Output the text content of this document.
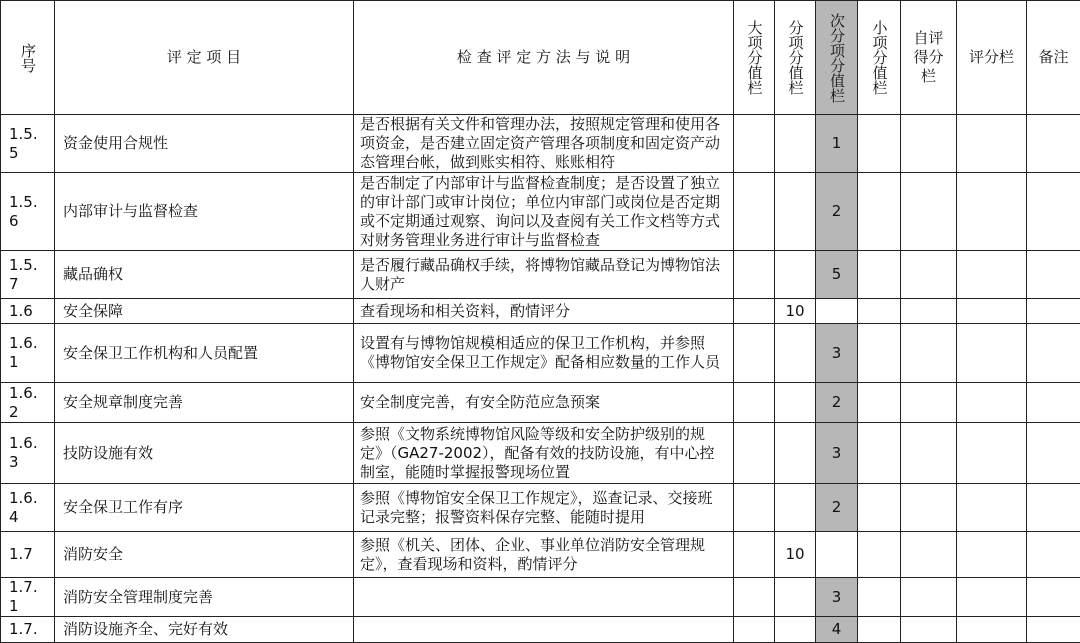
序号	评 定 项 目	检 查 评 定 方 法 与 说 明	大项分值栏	分项分值栏	次分项分值栏	小项分值栏	自评得分栏	评分栏	备注

1.5.5	资金使用合规性	是否根据有关文件和管理办法，按照规定管理和使用各项资金，是否建立固定资产管理各项制度和固定资产动态管理台帐，做到账实相符、账账相符			1				

1.5.6	内部审计与监督检查	是否制定了内部审计与监督检查制度；是否设置了独立的审计部门或审计岗位；单位内审部门或岗位是否定期或不定期通过观察、询问以及查阅有关工作文档等方式对财务管理业务进行审计与监督检查			2				

1.5.7	藏品确权	是否履行藏品确权手续，将博物馆藏品登记为博物馆法人财产			5				
1.6	安全保障	查看现场和相关资料，酌情评分		10					

1.6.1	安全保卫工作机构和人员配置	设置有与博物馆规模相适应的保卫工作机构，并参照《博物馆安全保卫工作规定》配备相应数量的工作人员			3				

1.6.2	安全规章制度完善	安全制度完善，有安全防范应急预案			2				

1.6.3	技防设施有效	参照《文物系统博物馆风险等级和安全防护级别的规定》（GA27-2002），配备有效的技防设施，有中心控制室，能随时掌握报警现场位置			3				

1.6.4	安全保卫工作有序	参照《博物馆安全保卫工作规定》，巡查记录、交接班记录完整；报警资料保存完整、能随时提用			2				
1.7	消防安全	参照《机关、团体、企业、事业单位消防安全管理规定》，查看现场和资料，酌情评分		10					

1.7.1	消防安全管理制度完善				3				
1.7.	消防设施齐全、完好有效				4				
